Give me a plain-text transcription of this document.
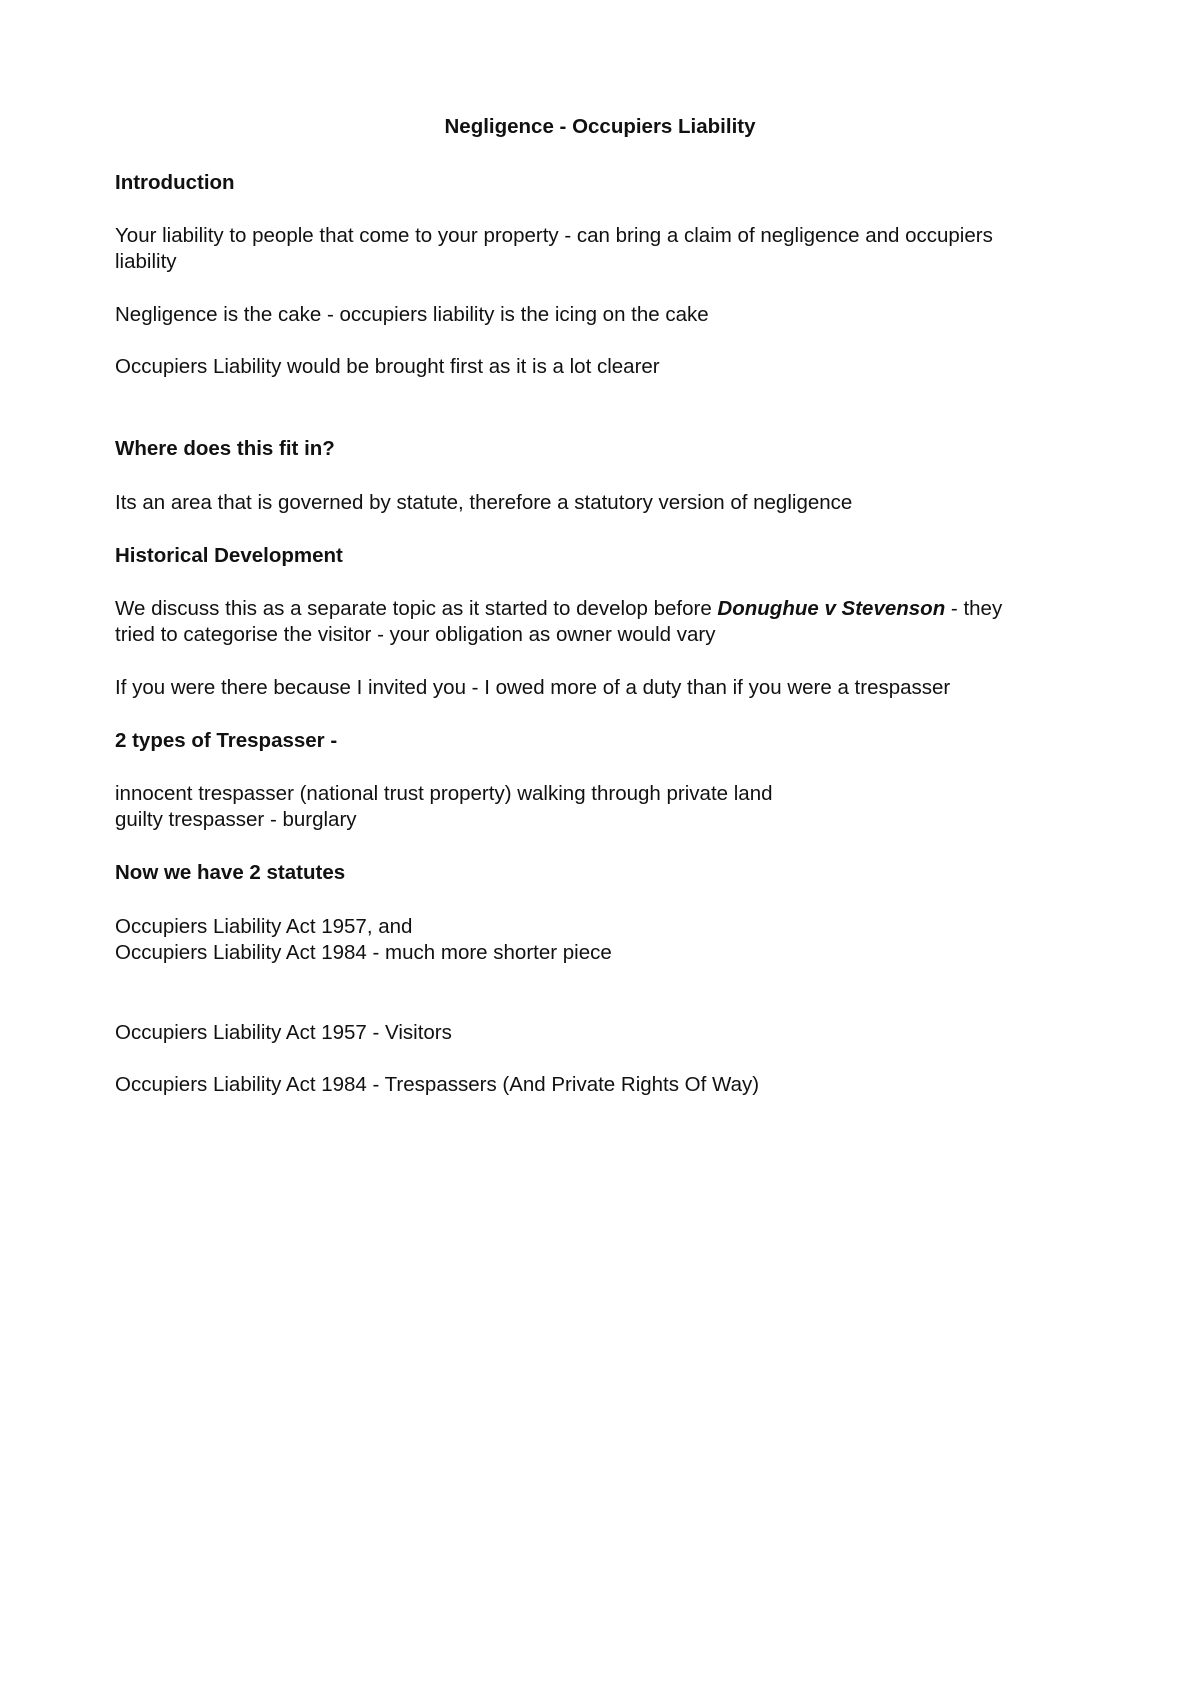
Negligence - Occupiers Liability

Introduction

Your liability to people that come to your property - can bring a claim of negligence and occupiers

liability

Negligence is the cake - occupiers liability is the icing on the cake

Occupiers Liability would be brought first as it is a lot clearer

Where does this fit in?

Its an area that is governed by statute, therefore a statutory version of negligence

Historical Development

We discuss this as a separate topic as it started to develop before Donughue v Stevenson - they

tried to categorise the visitor - your obligation as owner would vary

If you were there because I invited you - I owed more of a duty than if you were a trespasser

2 types of Trespasser -

innocent trespasser (national trust property) walking through private land

guilty trespasser - burglary

Now we have 2 statutes

Occupiers Liability Act 1957, and

Occupiers Liability Act 1984 - much more shorter piece

Occupiers Liability Act 1957 - Visitors

Occupiers Liability Act 1984 - Trespassers (And Private Rights Of Way)
